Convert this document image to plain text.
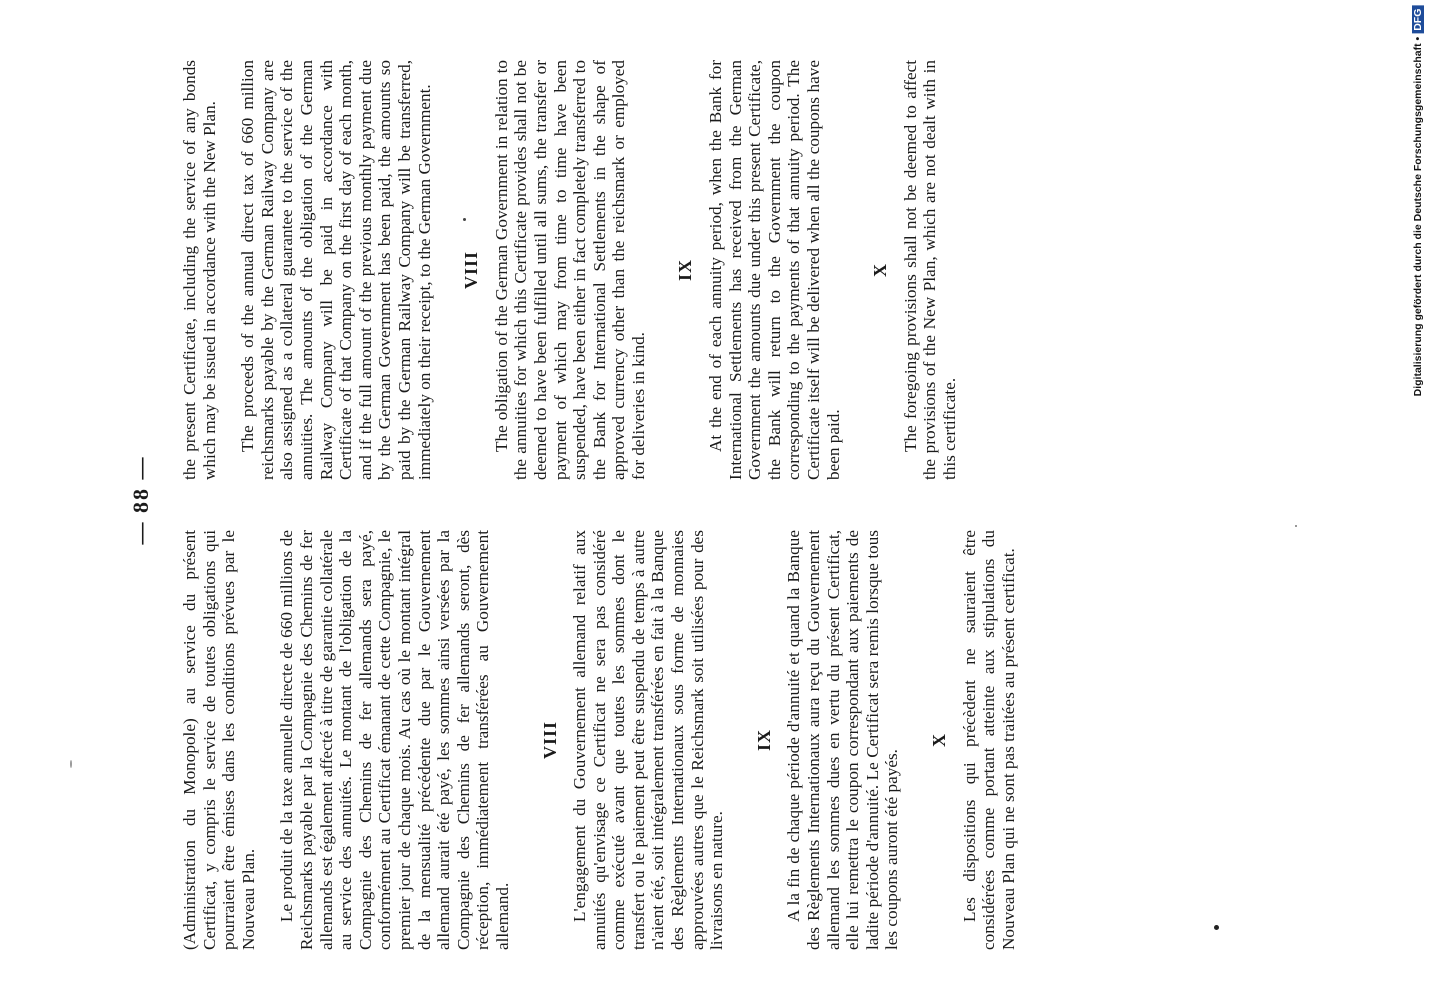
— 88 —

(Administration du Monopole) au service du présent Certificat, y compris le service de toutes obligations qui pourraient être émises dans les conditions prévues par le Nouveau Plan. Le produit de la taxe annuelle directe de 660 millions de Reichsmarks payable par la Compagnie des Chemins de fer allemands est également affecté à titre de garantie collatérale au service des annuités. Le montant de l'obligation de la Compagnie des Chemins de fer allemands sera payé, conformément au Certificat émanant de cette Compagnie, le premier jour de chaque mois. Au cas où le montant intégral de la mensualité précédente due par le Gouvernement allemand aurait été payé, les sommes ainsi versées par la Compagnie des Chemins de fer allemands seront, dès réception, immédiatement transférées au Gouvernement allemand.

VIII L'engagement du Gouvernement allemand relatif aux annuités qu'envisage ce Certificat ne sera pas considéré comme exécuté avant que toutes les sommes dont le transfert ou le paiement peut être suspendu de temps à autre n'aient été, soit intégralement transférées en fait à la Banque des Règlements Internationaux sous forme de monnaies approuvées autres que le Reichsmark soit utilisées pour des livraisons en nature.

IX A la fin de chaque période d'annuité et quand la Banque des Règlements Internationaux aura reçu du Gouvernement allemand les sommes dues en vertu du présent Certificat, elle lui remettra le coupon correspondant aux paiements de ladite période d'annuité. Le Certificat sera remis lorsque tous les coupons auront été payés.

X Les dispositions qui précèdent ne sauraient être considérées comme portant atteinte aux stipulations du Nouveau Plan qui ne sont pas traitées au présent certificat.

the present Certificate, including the service of any bonds which may be issued in accordance with the New Plan. The proceeds of the annual direct tax of 660 million reichsmarks payable by the German Railway Company are also assigned as a collateral guarantee to the service of the annuities. The amounts of the obligation of the German Railway Company will be paid in accordance with Certificate of that Company on the first day of each month, and if the full amount of the previous monthly payment due by the German Government has been paid, the amounts so paid by the German Railway Company will be transferred, immediately on their receipt, to the German Government. VIII The obligation of the German Government in relation to the annuities for which this Certificate provides shall not be deemed to have been fulfilled until all sums, the transfer or payment of which may from time to time have been suspended, have been either in fact completely transferred to the Bank for International Settlements in the shape of approved currency other than the reichsmark or employed for deliveries in kind.

IX At the end of each annuity period, when the Bank for International Settlements has received from the German Government the amounts due under this present Certificate, the Bank will return to the Government the coupon corresponding to the payments of that annuity period. The Certificate itself will be delivered when all the coupons have been paid.

X The foregoing provisions shall not be deemed to affect the provisions of the New Plan, which are not dealt with in this certificate.

Digitalisierung gefördert durch die Deutsche Forschungsgemeinschaft •DFG
